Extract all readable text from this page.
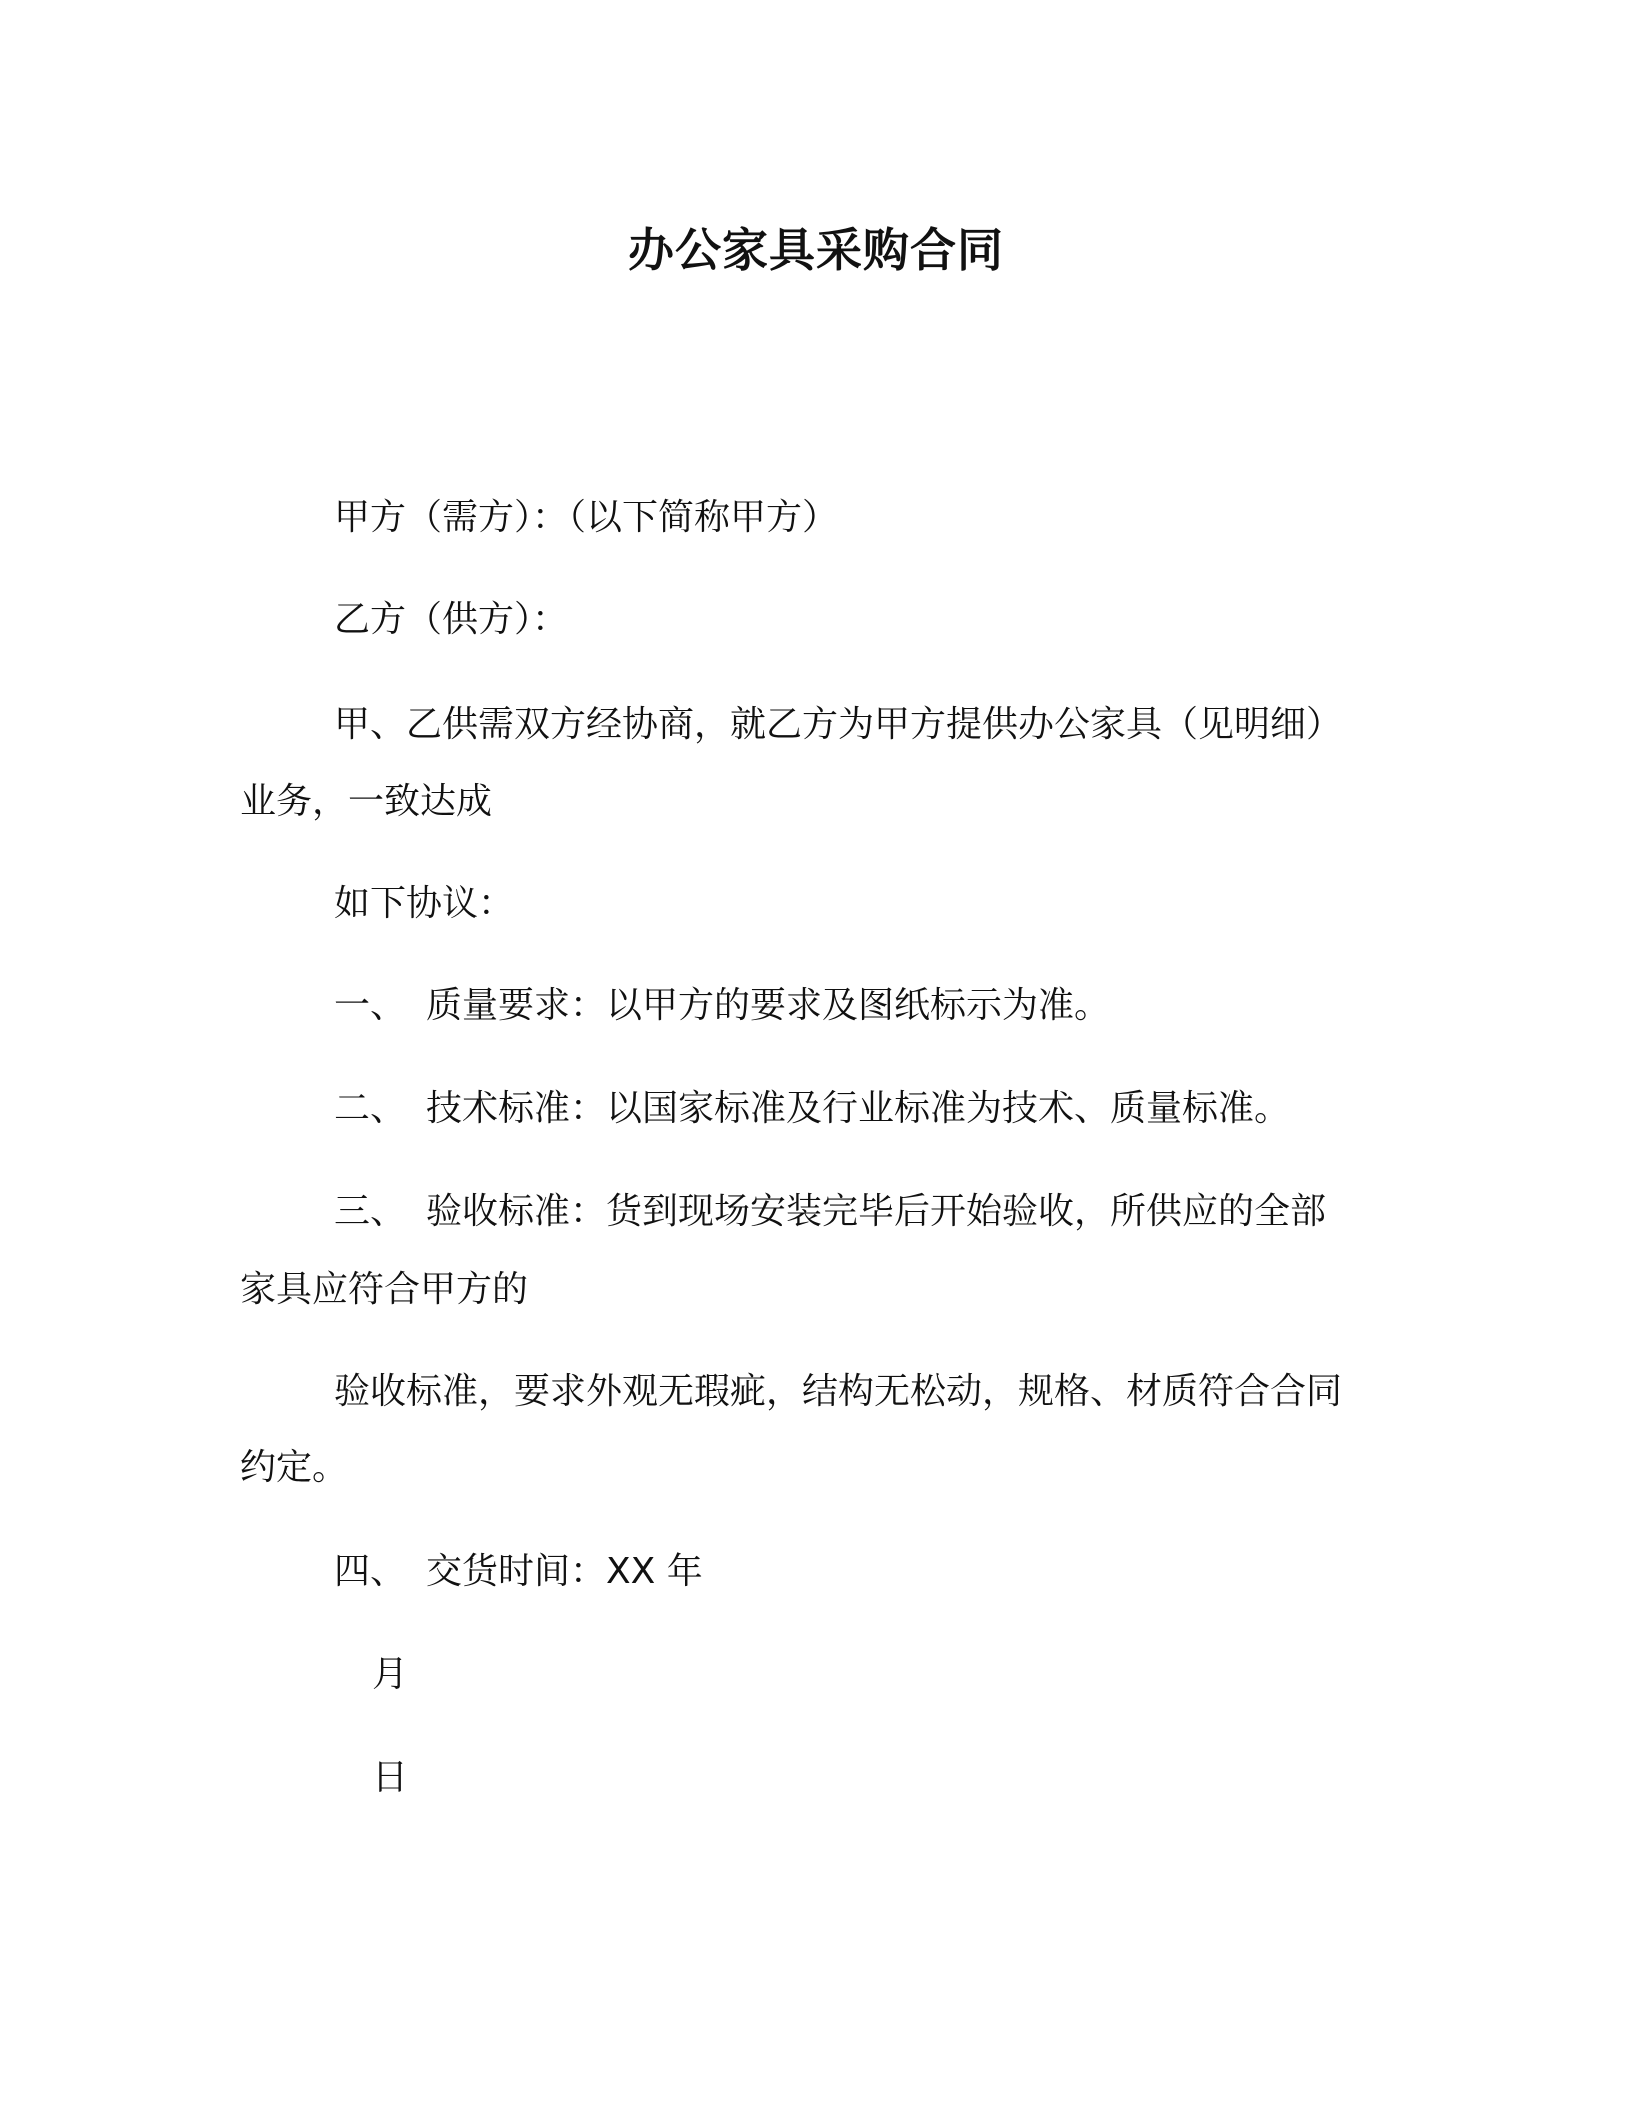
办公家具采购合同
甲方（需方）：（以下简称甲方）
乙方（供方）：
甲、乙供需双方经协商，就乙方为甲方提供办公家具（见明细）
业务，一致达成
如下协议：
一、 质量要求：以甲方的要求及图纸标示为准。
二、 技术标准：以国家标准及行业标准为技术、质量标准。
三、 验收标准：货到现场安装完毕后开始验收，所供应的全部
家具应符合甲方的
验收标准，要求外观无瑕疵，结构无松动，规格、材质符合合同
约定。
四、 交货时间：XX 年
月
日
